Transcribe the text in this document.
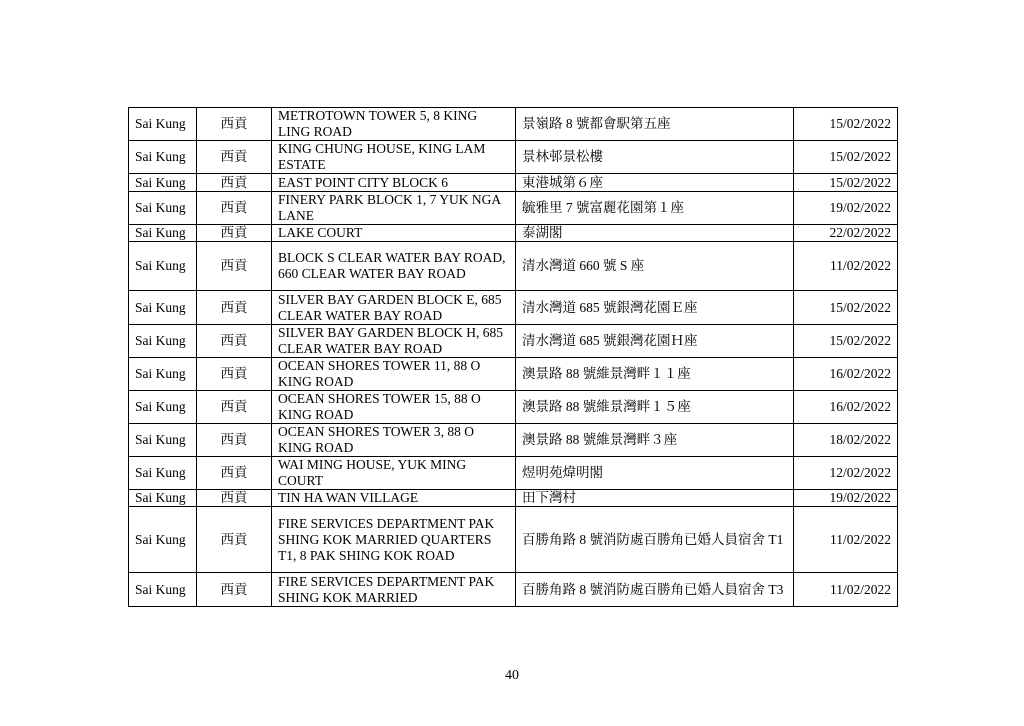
Sai Kung	西貢	METROTOWN TOWER 5, 8 KING LING ROAD	景嶺路 8 號都會駅第五座	15/02/2022
Sai Kung	西貢	KING CHUNG HOUSE, KING LAM ESTATE	景林邨景松樓	15/02/2022
Sai Kung	西貢	EAST POINT CITY BLOCK 6	東港城第６座	15/02/2022
Sai Kung	西貢	FINERY PARK BLOCK 1, 7 YUK NGA LANE	毓雅里 7 號富麗花園第１座	19/02/2022
Sai Kung	西貢	LAKE COURT	泰湖閣	22/02/2022
Sai Kung	西貢	BLOCK S CLEAR WATER BAY ROAD, 660 CLEAR WATER BAY ROAD	清水灣道 660 號 S 座	11/02/2022
Sai Kung	西貢	SILVER BAY GARDEN BLOCK E, 685 CLEAR WATER BAY ROAD	清水灣道 685 號銀灣花園Ｅ座	15/02/2022
Sai Kung	西貢	SILVER BAY GARDEN BLOCK H, 685 CLEAR WATER BAY ROAD	清水灣道 685 號銀灣花園Ｈ座	15/02/2022
Sai Kung	西貢	OCEAN SHORES TOWER 11, 88 O KING ROAD	澳景路 88 號維景灣畔１１座	16/02/2022
Sai Kung	西貢	OCEAN SHORES TOWER 15, 88 O KING ROAD	澳景路 88 號維景灣畔１５座	16/02/2022
Sai Kung	西貢	OCEAN SHORES TOWER 3, 88 O KING ROAD	澳景路 88 號維景灣畔３座	18/02/2022
Sai Kung	西貢	WAI MING HOUSE, YUK MING COURT	煜明苑煒明閣	12/02/2022
Sai Kung	西貢	TIN HA WAN VILLAGE	田下灣村	19/02/2022
Sai Kung	西貢	FIRE SERVICES DEPARTMENT PAK SHING KOK MARRIED QUARTERS T1, 8 PAK SHING KOK ROAD	百勝角路 8 號消防處百勝角已婚人員宿舍 T1	11/02/2022
Sai Kung	西貢	FIRE SERVICES DEPARTMENT PAK SHING KOK MARRIED	百勝角路 8 號消防處百勝角已婚人員宿舍 T3	11/02/2022
40
